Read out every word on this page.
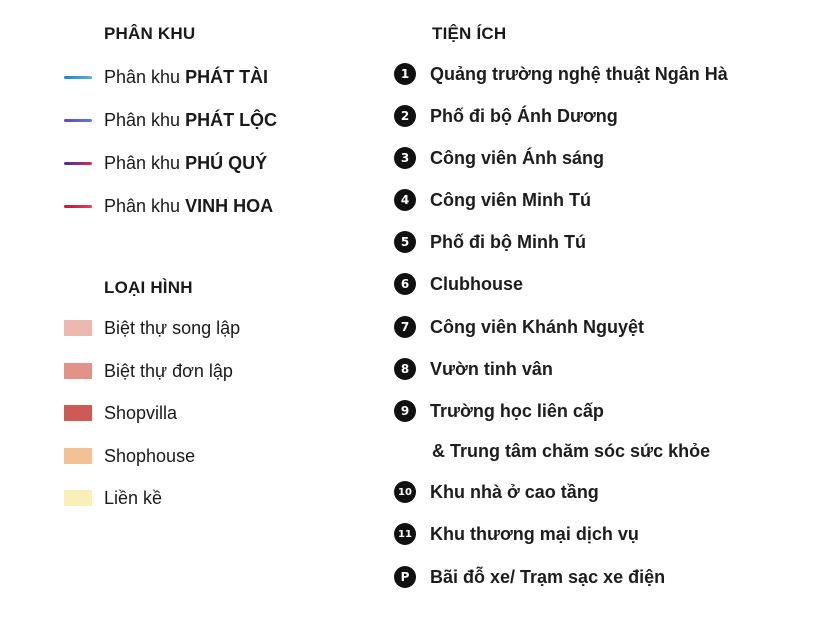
PHÂN KHU
Phân khu PHÁT TÀI
Phân khu PHÁT LỘC
Phân khu PHÚ QUÝ
Phân khu VINH HOA
LOẠI HÌNH
Biệt thự song lập
Biệt thự đơn lập
Shopvilla
Shophouse
Liền kề
TIỆN ÍCH
1	Quảng trường nghệ thuật Ngân Hà
2	Phố đi bộ Ánh Dương
3	Công viên Ánh sáng
4	Công viên Minh Tú
5	Phố đi bộ Minh Tú
6	Clubhouse
7	Công viên Khánh Nguyệt
8	Vườn tinh vân
9	Trường học liên cấp
& Trung tâm chăm sóc sức khỏe
10 Khu nhà ở cao tầng
11 Khu thương mại dịch vụ
P	Bãi đỗ xe/ Trạm sạc xe điện
